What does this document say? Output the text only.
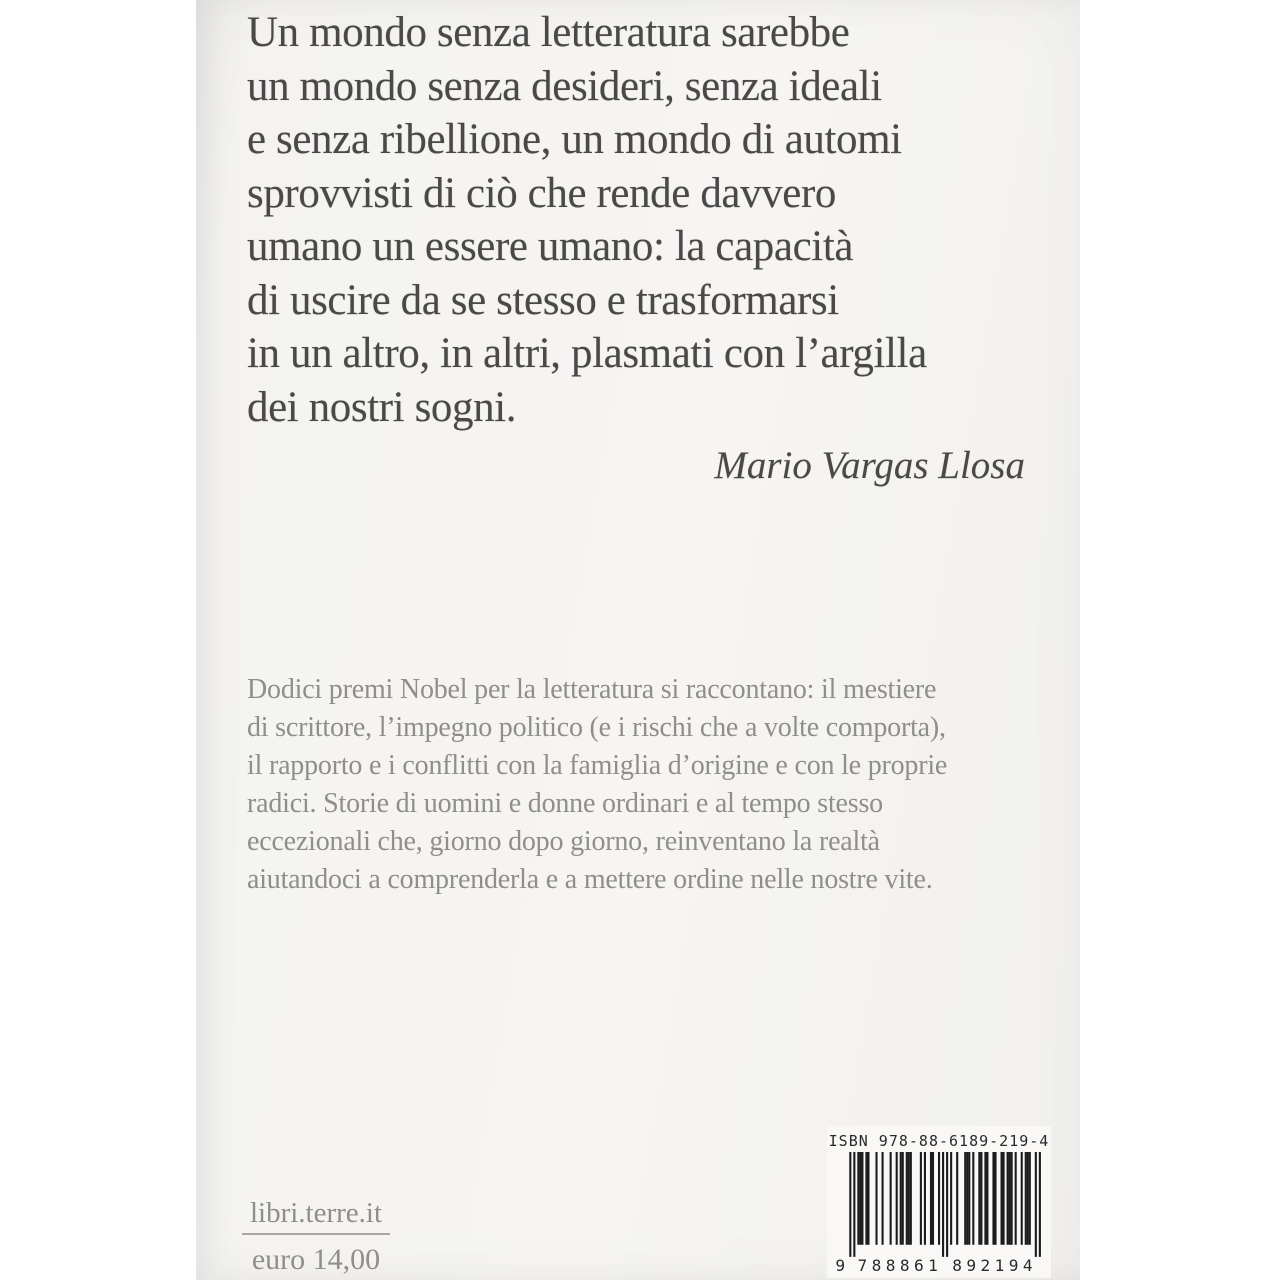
Un mondo senza letteratura sarebbe
un mondo senza desideri, senza ideali
e senza ribellione, un mondo di automi
sprovvisti di ciò che rende davvero
umano un essere umano: la capacità
di uscire da se stesso e trasformarsi
in un altro, in altri, plasmati con l’argilla
dei nostri sogni.
Mario Vargas Llosa
Dodici premi Nobel per la letteratura si raccontano: il mestiere
di scrittore, l’impegno politico (e i rischi che a volte comporta),
il rapporto e i conflitti con la famiglia d’origine e con le proprie
radici. Storie di uomini e donne ordinari e al tempo stesso
eccezionali che, giorno dopo giorno, reinventano la realtà
aiutandoci a comprenderla e a mettere ordine nelle nostre vite.
libri.terre.it
euro 14,00
ISBN 978-88-6189-219-4
9 7 8 8 8 6 1 8 9 2 1 9 4
